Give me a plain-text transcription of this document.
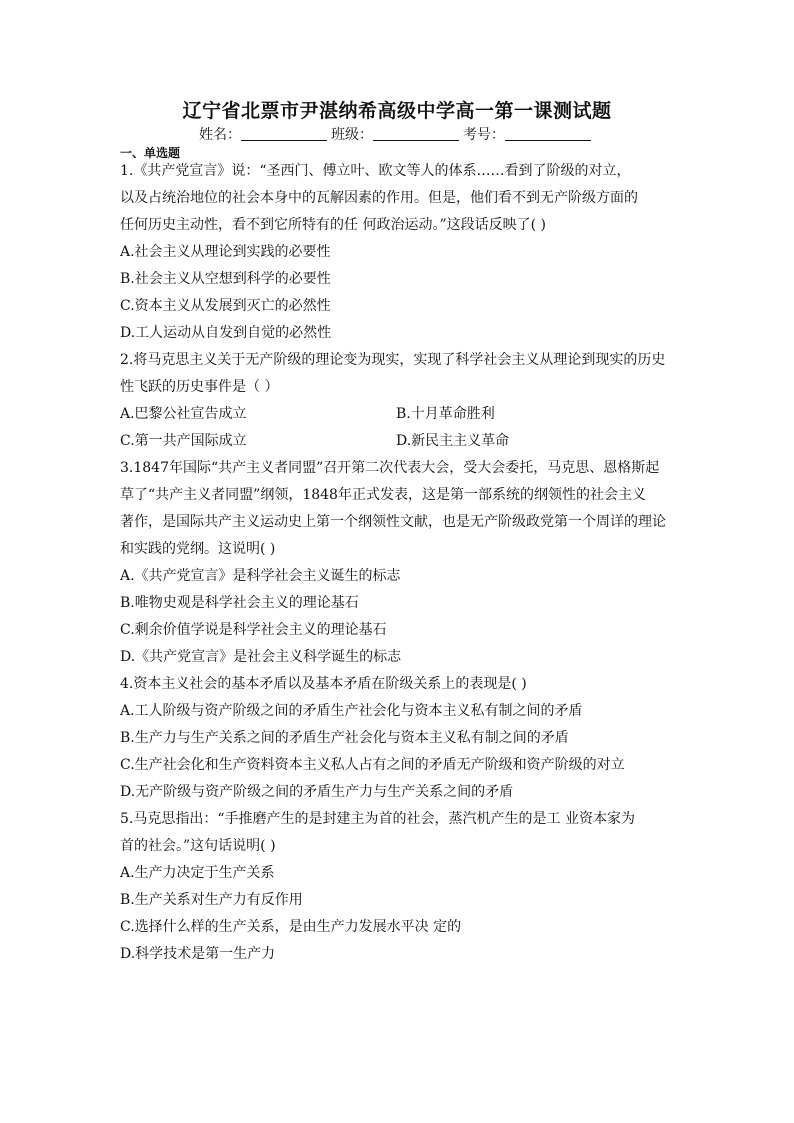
辽宁省北票市尹湛纳希高级中学高一第一课测试题
姓名：	班级：	考号：
一、单选题

1.《共产党宣言》说：“圣西门、傅立叶、欧文等人的体系……看到了阶级的对立，

以及占统治地位的社会本身中的瓦解因素的作用。但是，他们看不到无产阶级方面的

任何历史主动性，看不到它所特有的任 何政治运动。”这段话反映了( )

A.社会主义从理论到实践的必要性

B.社会主义从空想到科学的必要性

C.资本主义从发展到灭亡的必然性

D.工人运动从自发到自觉的必然性

2.将马克思主义关于无产阶级的理论变为现实，实现了科学社会主义从理论到现实的历史

性飞跃的历史事件是（ ）

A.巴黎公社宣告成立	B.十月革命胜利

C.第一共产国际成立	D.新民主主义革命

3.1847年国际“共产主义者同盟”召开第二次代表大会，受大会委托，马克思、恩格斯起

草了“共产主义者同盟”纲领，1848年正式发表，这是第一部系统的纲领性的社会主义

著作，是国际共产主义运动史上第一个纲领性文献，也是无产阶级政党第一个周详的理论

和实践的党纲。这说明( )

A.《共产党宣言》是科学社会主义诞生的标志

B.唯物史观是科学社会主义的理论基石

C.剩余价值学说是科学社会主义的理论基石

D.《共产党宣言》是社会主义科学诞生的标志

4.资本主义社会的基本矛盾以及基本矛盾在阶级关系上的表现是( )

A.工人阶级与资产阶级之间的矛盾生产社会化与资本主义私有制之间的矛盾

B.生产力与生产关系之间的矛盾生产社会化与资本主义私有制之间的矛盾

C.生产社会化和生产资料资本主义私人占有之间的矛盾无产阶级和资产阶级的对立

D.无产阶级与资产阶级之间的矛盾生产力与生产关系之间的矛盾

5.马克思指出：“手推磨产生的是封建主为首的社会，蒸汽机产生的是工 业资本家为

首的社会。”这句话说明( )

A.生产力决定于生产关系

B.生产关系对生产力有反作用

C.选择什么样的生产关系，是由生产力发展水平决 定的

D.科学技术是第一生产力
